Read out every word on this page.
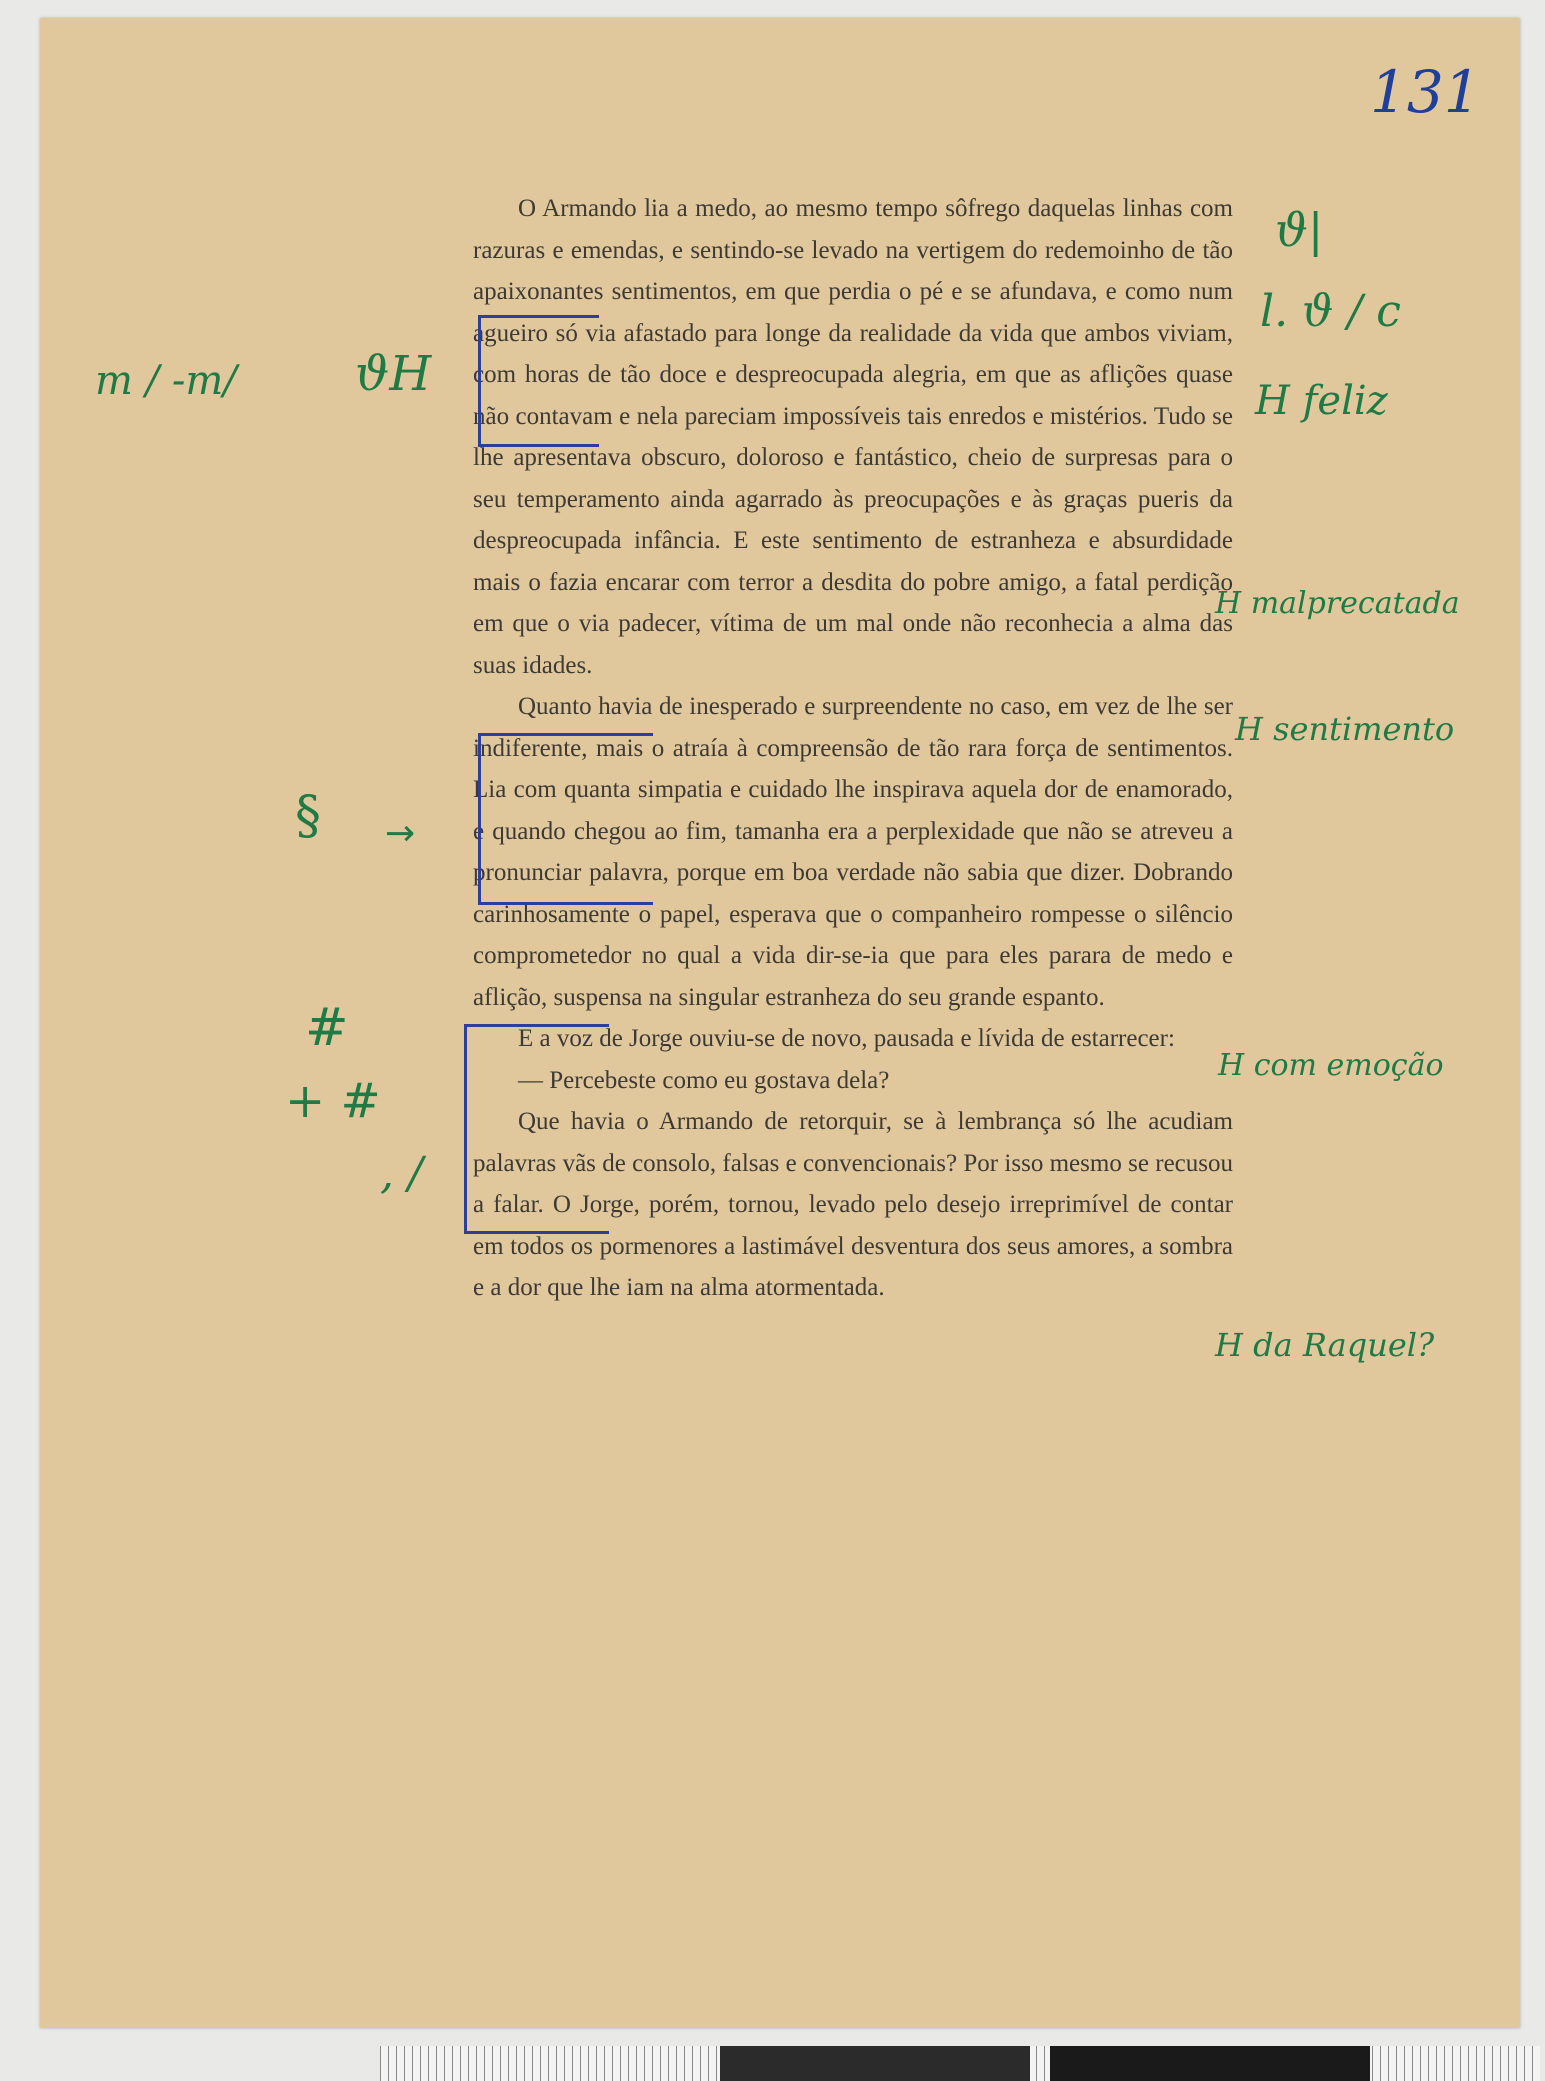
131

O Armando lia a medo, ao mesmo tempo sôfrego daquelas linhas com razuras e emendas, e sentindo-se levado na vertigem do redemoinho de tão apaixonantes sentimentos, em que perdia o pé e se afundava, e como num agueiro só via afastado para longe da realidade da vida que ambos viviam, com horas de tão doce e despreocupada alegria, em que as aflições quase não contavam e nela pareciam impossíveis tais enredos e mistérios. Tudo se lhe apresentava obscuro, doloroso e fantástico, cheio de surpresas para o seu temperamento ainda agarrado às preocupações e às graças pueris da despreocupada infância. E este sentimento de estranheza e absurdidade mais o fazia encarar com terror a desdita do pobre amigo, a fatal perdição em que o via padecer, vítima de um mal onde não reconhecia a alma das suas idades.

Quanto havia de inesperado e surpreendente no caso, em vez de lhe ser indiferente, mais o atraía à compreensão de tão rara força de sentimentos. Lia com quanta simpatia e cuidado lhe inspirava aquela dor de enamorado, e quando chegou ao fim, tamanha era a perplexidade que não se atreveu a pronunciar palavra, porque em boa verdade não sabia que dizer. Dobrando carinhosamente o papel, esperava que o companheiro rompesse o silêncio comprometedor no qual a vida dir-se-ia que para eles parara de medo e aflição, suspensa na singular estranheza do seu grande espanto.

E a voz de Jorge ouviu-se de novo, pausada e lívida de estarrecer:

— Percebeste como eu gostava dela?

Que havia o Armando de retorquir, se à lembrança só lhe acudiam palavras vãs de consolo, falsas e convencionais? Por isso mesmo se recusou a falar. O Jorge, porém, tornou, levado pelo desejo irreprimível de contar em todos os pormenores a lastimável desventura dos seus amores, a sombra e a dor que lhe iam na alma atormentada.

ϑ|
l. ϑ / c
H feliz
H malprecatada
H sentimento
H com emoção
H da Raquel?
m / -m/ ϑH
§ →
#
+ #
, /
